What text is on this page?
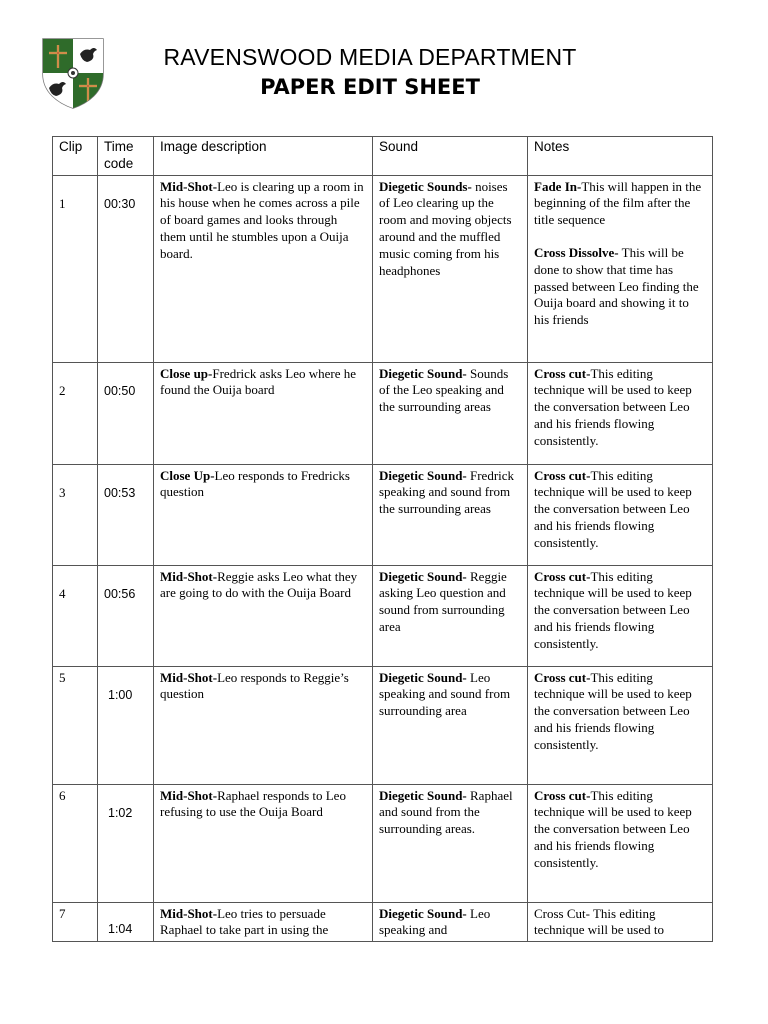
RAVENSWOOD MEDIA DEPARTMENT
PAPER EDIT SHEET
Clip	Time code	Image description	Sound	Notes

1	00:30	Mid-Shot-Leo is clearing up a room in his house when he comes across a pile of board games and looks through them until he stumbles upon a Ouija board.	Diegetic Sounds- noises of Leo clearing up the room and moving objects around and the muffled music coming from his headphones	Fade In-This will happen in the beginning of the film after the title sequence
Cross Dissolve- This will be done to show that time has passed between Leo finding the Ouija board and showing it to his friends

2	00:50	Close up-Fredrick asks Leo where he found the Ouija board	Diegetic Sound- Sounds of the Leo speaking and the surrounding areas	Cross cut-This editing technique will be used to keep the conversation between Leo and his friends flowing consistently.

3	00:53	Close Up-Leo responds to Fredricks question	Diegetic Sound- Fredrick speaking and sound from the surrounding areas	Cross cut-This editing technique will be used to keep the conversation between Leo and his friends flowing consistently.

4	00:56	Mid-Shot-Reggie asks Leo what they are going to do with the Ouija Board	Diegetic Sound- Reggie asking Leo question and sound from surrounding area	Cross cut-This editing technique will be used to keep the conversation between Leo and his friends flowing consistently.

5	1:00	Mid-Shot-Leo responds to Reggie’s question	Diegetic Sound- Leo speaking and sound from surrounding area	Cross cut-This editing technique will be used to keep the conversation between Leo and his friends flowing consistently.

6	1:02	Mid-Shot-Raphael responds to Leo refusing to use the Ouija Board	Diegetic Sound- Raphael and sound from the surrounding areas.	Cross cut-This editing technique will be used to keep the conversation between Leo and his friends flowing consistently.

7	1:04	Mid-Shot-Leo tries to persuade Raphael to take part in using the	Diegetic Sound- Leo speaking and	Cross Cut- This editing technique will be used to
